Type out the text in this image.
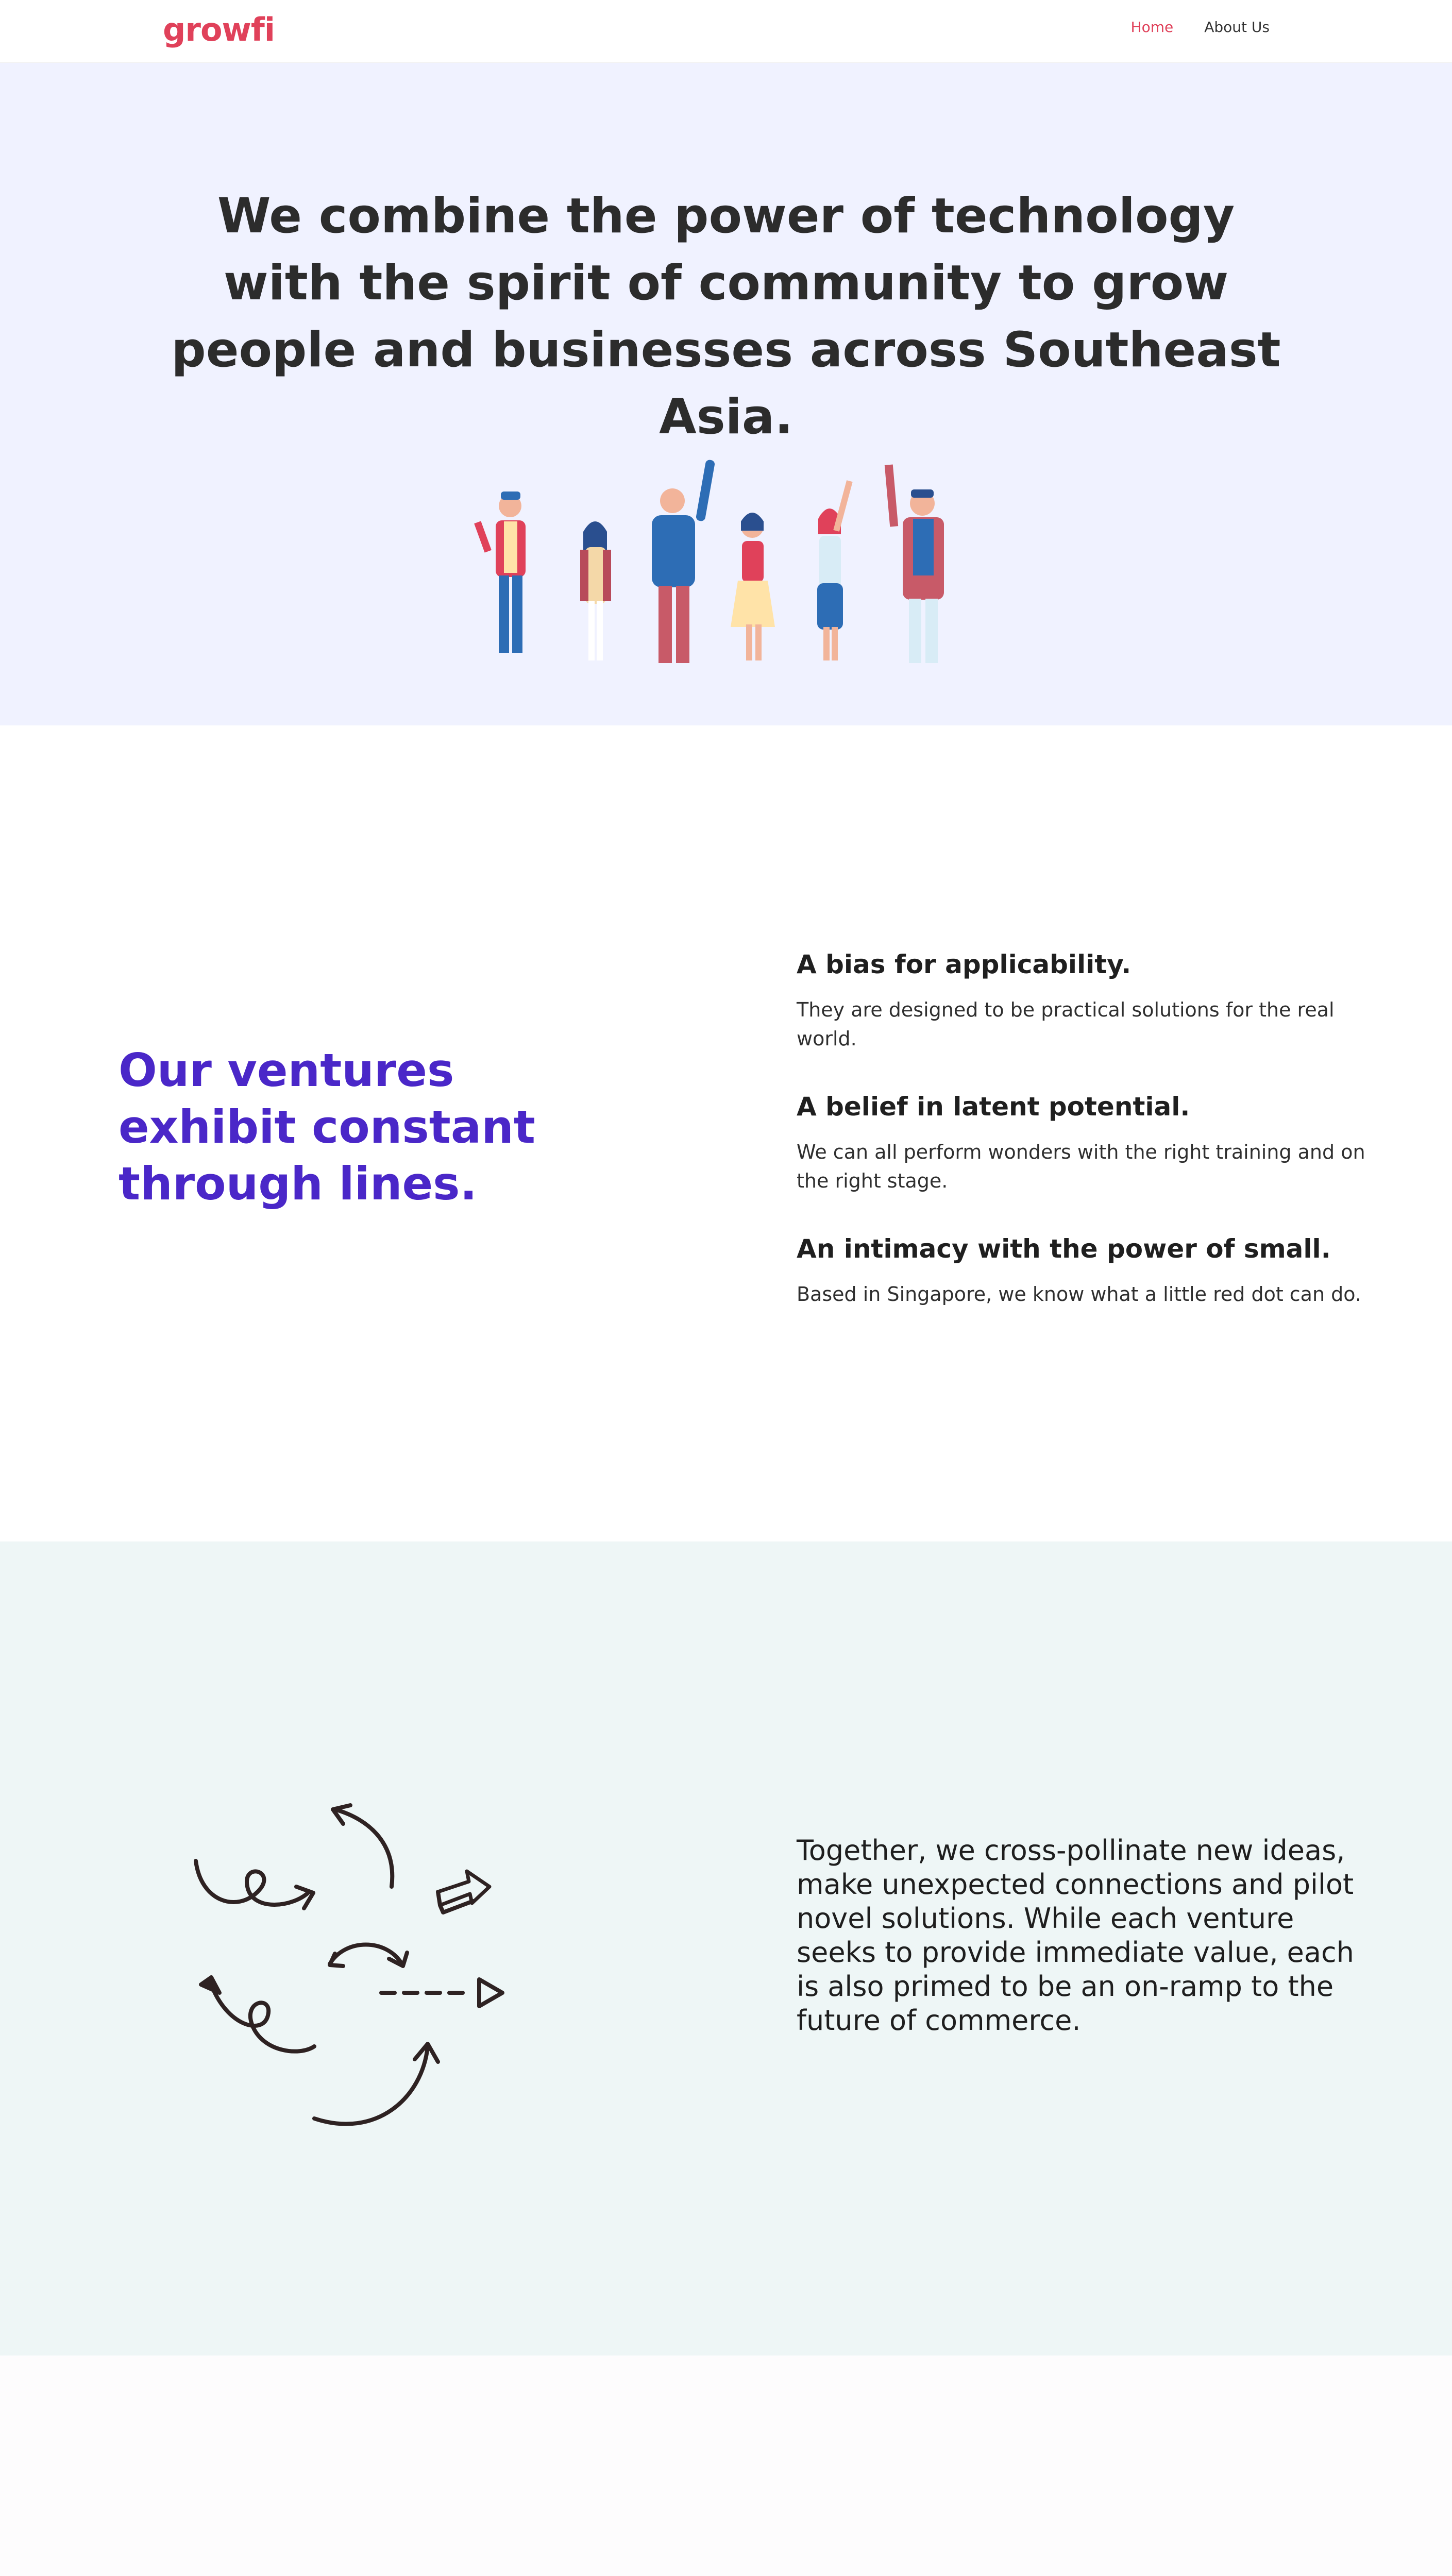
growfi	Home About Us
We combine the power of technology with the spirit of community to grow people and businesses across Southeast Asia.
Our ventures exhibit constant through lines.
A bias for applicability.

They are designed to be practical solutions for the real world.

A belief in latent potential.

We can all perform wonders with the right training and on the right stage.

An intimacy with the power of small.

Based in Singapore, we know what a little red dot can do.

Together, we cross-pollinate new ideas, make unexpected connections and pilot novel solutions. While each venture seeks to provide immediate value, each is also primed to be an on-ramp to the future of commerce.
